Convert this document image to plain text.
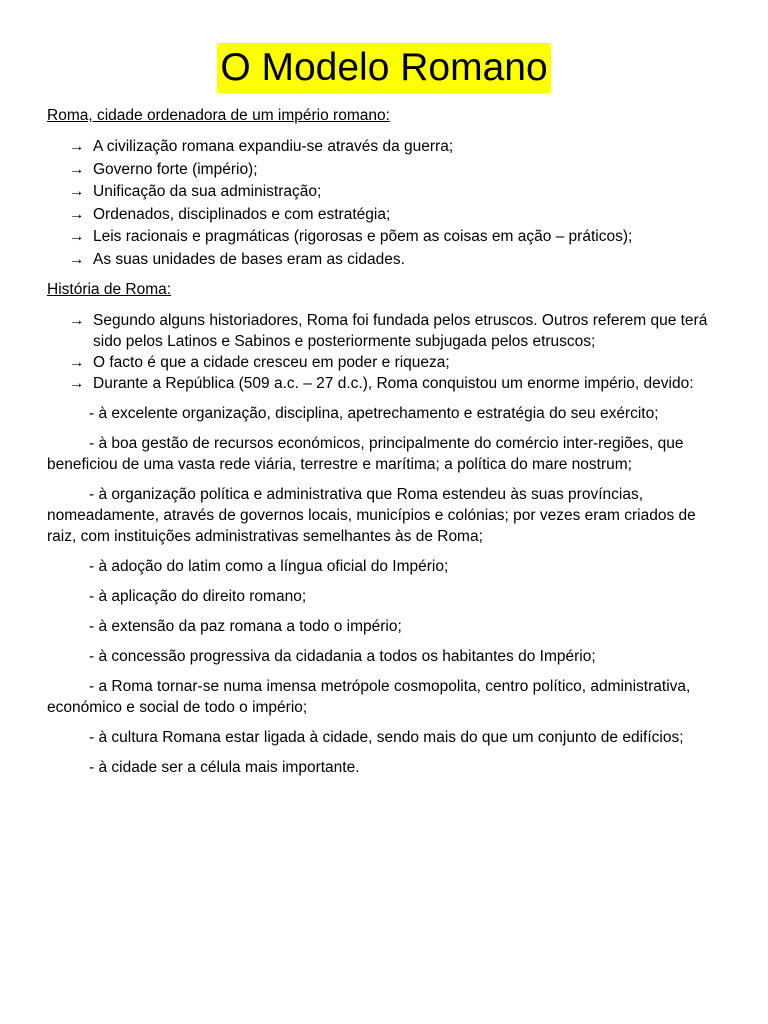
O Modelo Romano
Roma, cidade ordenadora de um império romano:
→ A civilização romana expandiu-se através da guerra;
→ Governo forte (império);
→ Unificação da sua administração;
→ Ordenados, disciplinados e com estratégia;
→ Leis racionais e pragmáticas (rigorosas e põem as coisas em ação – práticos);
→ As suas unidades de bases eram as cidades.
História de Roma:
→ Segundo alguns historiadores, Roma foi fundada pelos etruscos. Outros referem que terá sido pelos Latinos e Sabinos e posteriormente subjugada pelos etruscos;
→ O facto é que a cidade cresceu em poder e riqueza;
→ Durante a República (509 a.c. – 27 d.c.), Roma conquistou um enorme império, devido:

- à excelente organização, disciplina, apetrechamento e estratégia do seu exército;

- à boa gestão de recursos económicos, principalmente do comércio inter-regiões, que beneficiou de uma vasta rede viária, terrestre e marítima; a política do mare nostrum;

- à organização política e administrativa que Roma estendeu às suas províncias, nomeadamente, através de governos locais, municípios e colónias; por vezes eram criados de raiz, com instituições administrativas semelhantes às de Roma;

- à adoção do latim como a língua oficial do Império;

- à aplicação do direito romano;

- à extensão da paz romana a todo o império;

- à concessão progressiva da cidadania a todos os habitantes do Império;

- a Roma tornar-se numa imensa metrópole cosmopolita, centro político, administrativa, económico e social de todo o império;

- à cultura Romana estar ligada à cidade, sendo mais do que um conjunto de edifícios;

- à cidade ser a célula mais importante.
